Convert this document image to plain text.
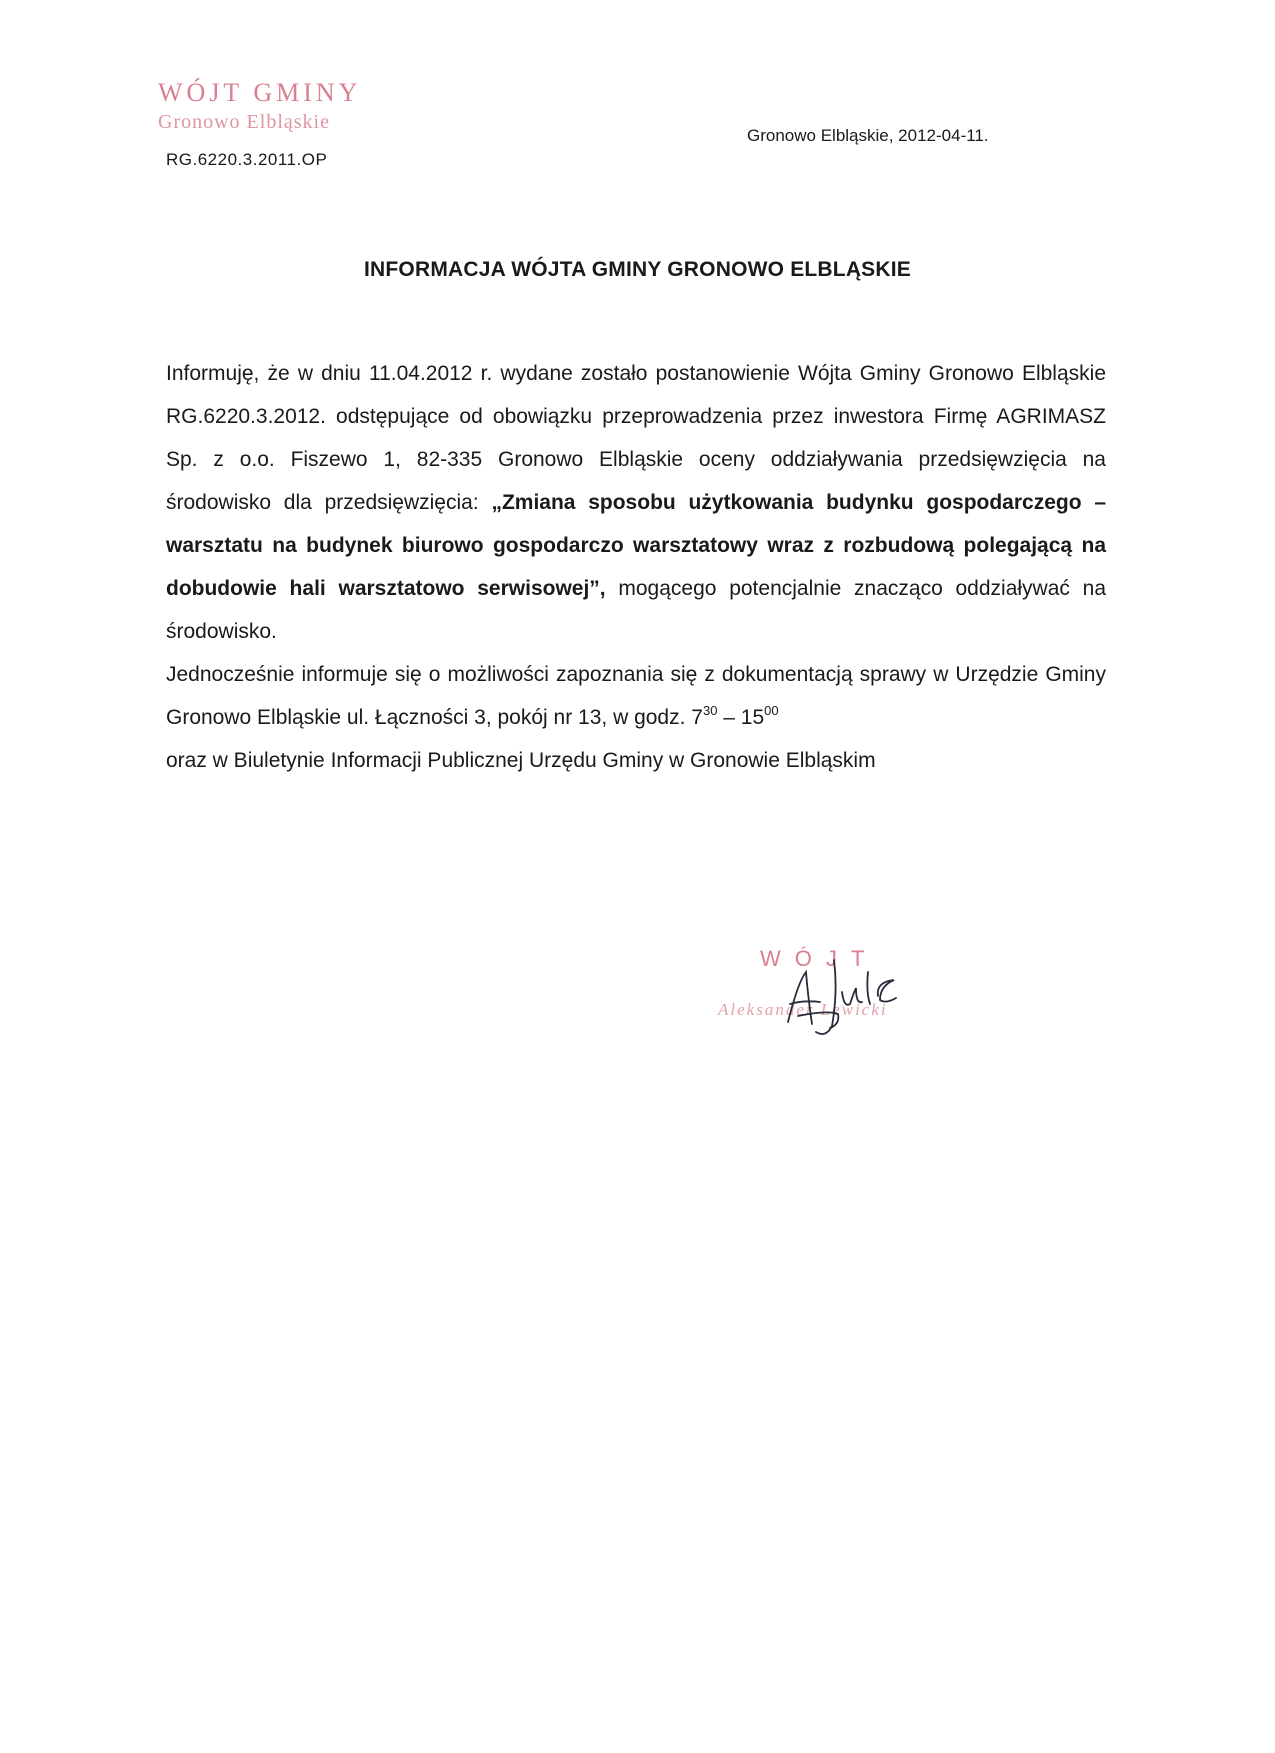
WÓJT GMINY
Gronowo Elbląskie
RG.6220.3.2011.OP
Gronowo Elbląskie, 2012-04-11.
INFORMACJA WÓJTA GMINY GRONOWO ELBLĄSKIE

Informuję, że w dniu 11.04.2012 r. wydane zostało postanowienie Wójta Gminy Gronowo Elbląskie RG.6220.3.2012. odstępujące od obowiązku przeprowadzenia przez inwestora Firmę AGRIMASZ Sp. z o.o. Fiszewo 1, 82-335 Gronowo Elbląskie oceny oddziaływania przedsięwzięcia na środowisko dla przedsięwzięcia: „Zmiana sposobu użytkowania budynku gospodarczego – warsztatu na budynek biurowo gospodarczo warsztatowy wraz z rozbudową polegającą na dobudowie hali warsztatowo serwisowej”, mogącego potencjalnie znacząco oddziaływać na środowisko.

Jednocześnie informuje się o możliwości zapoznania się z dokumentacją sprawy w Urzędzie Gminy Gronowo Elbląskie ul. Łączności 3, pokój nr 13, w godz. $7^{30} - 15^{00}$
oraz w Biuletynie Informacji Publicznej Urzędu Gminy w Gronowie Elbląskim

WÓJT
Aleksander Lewicki
